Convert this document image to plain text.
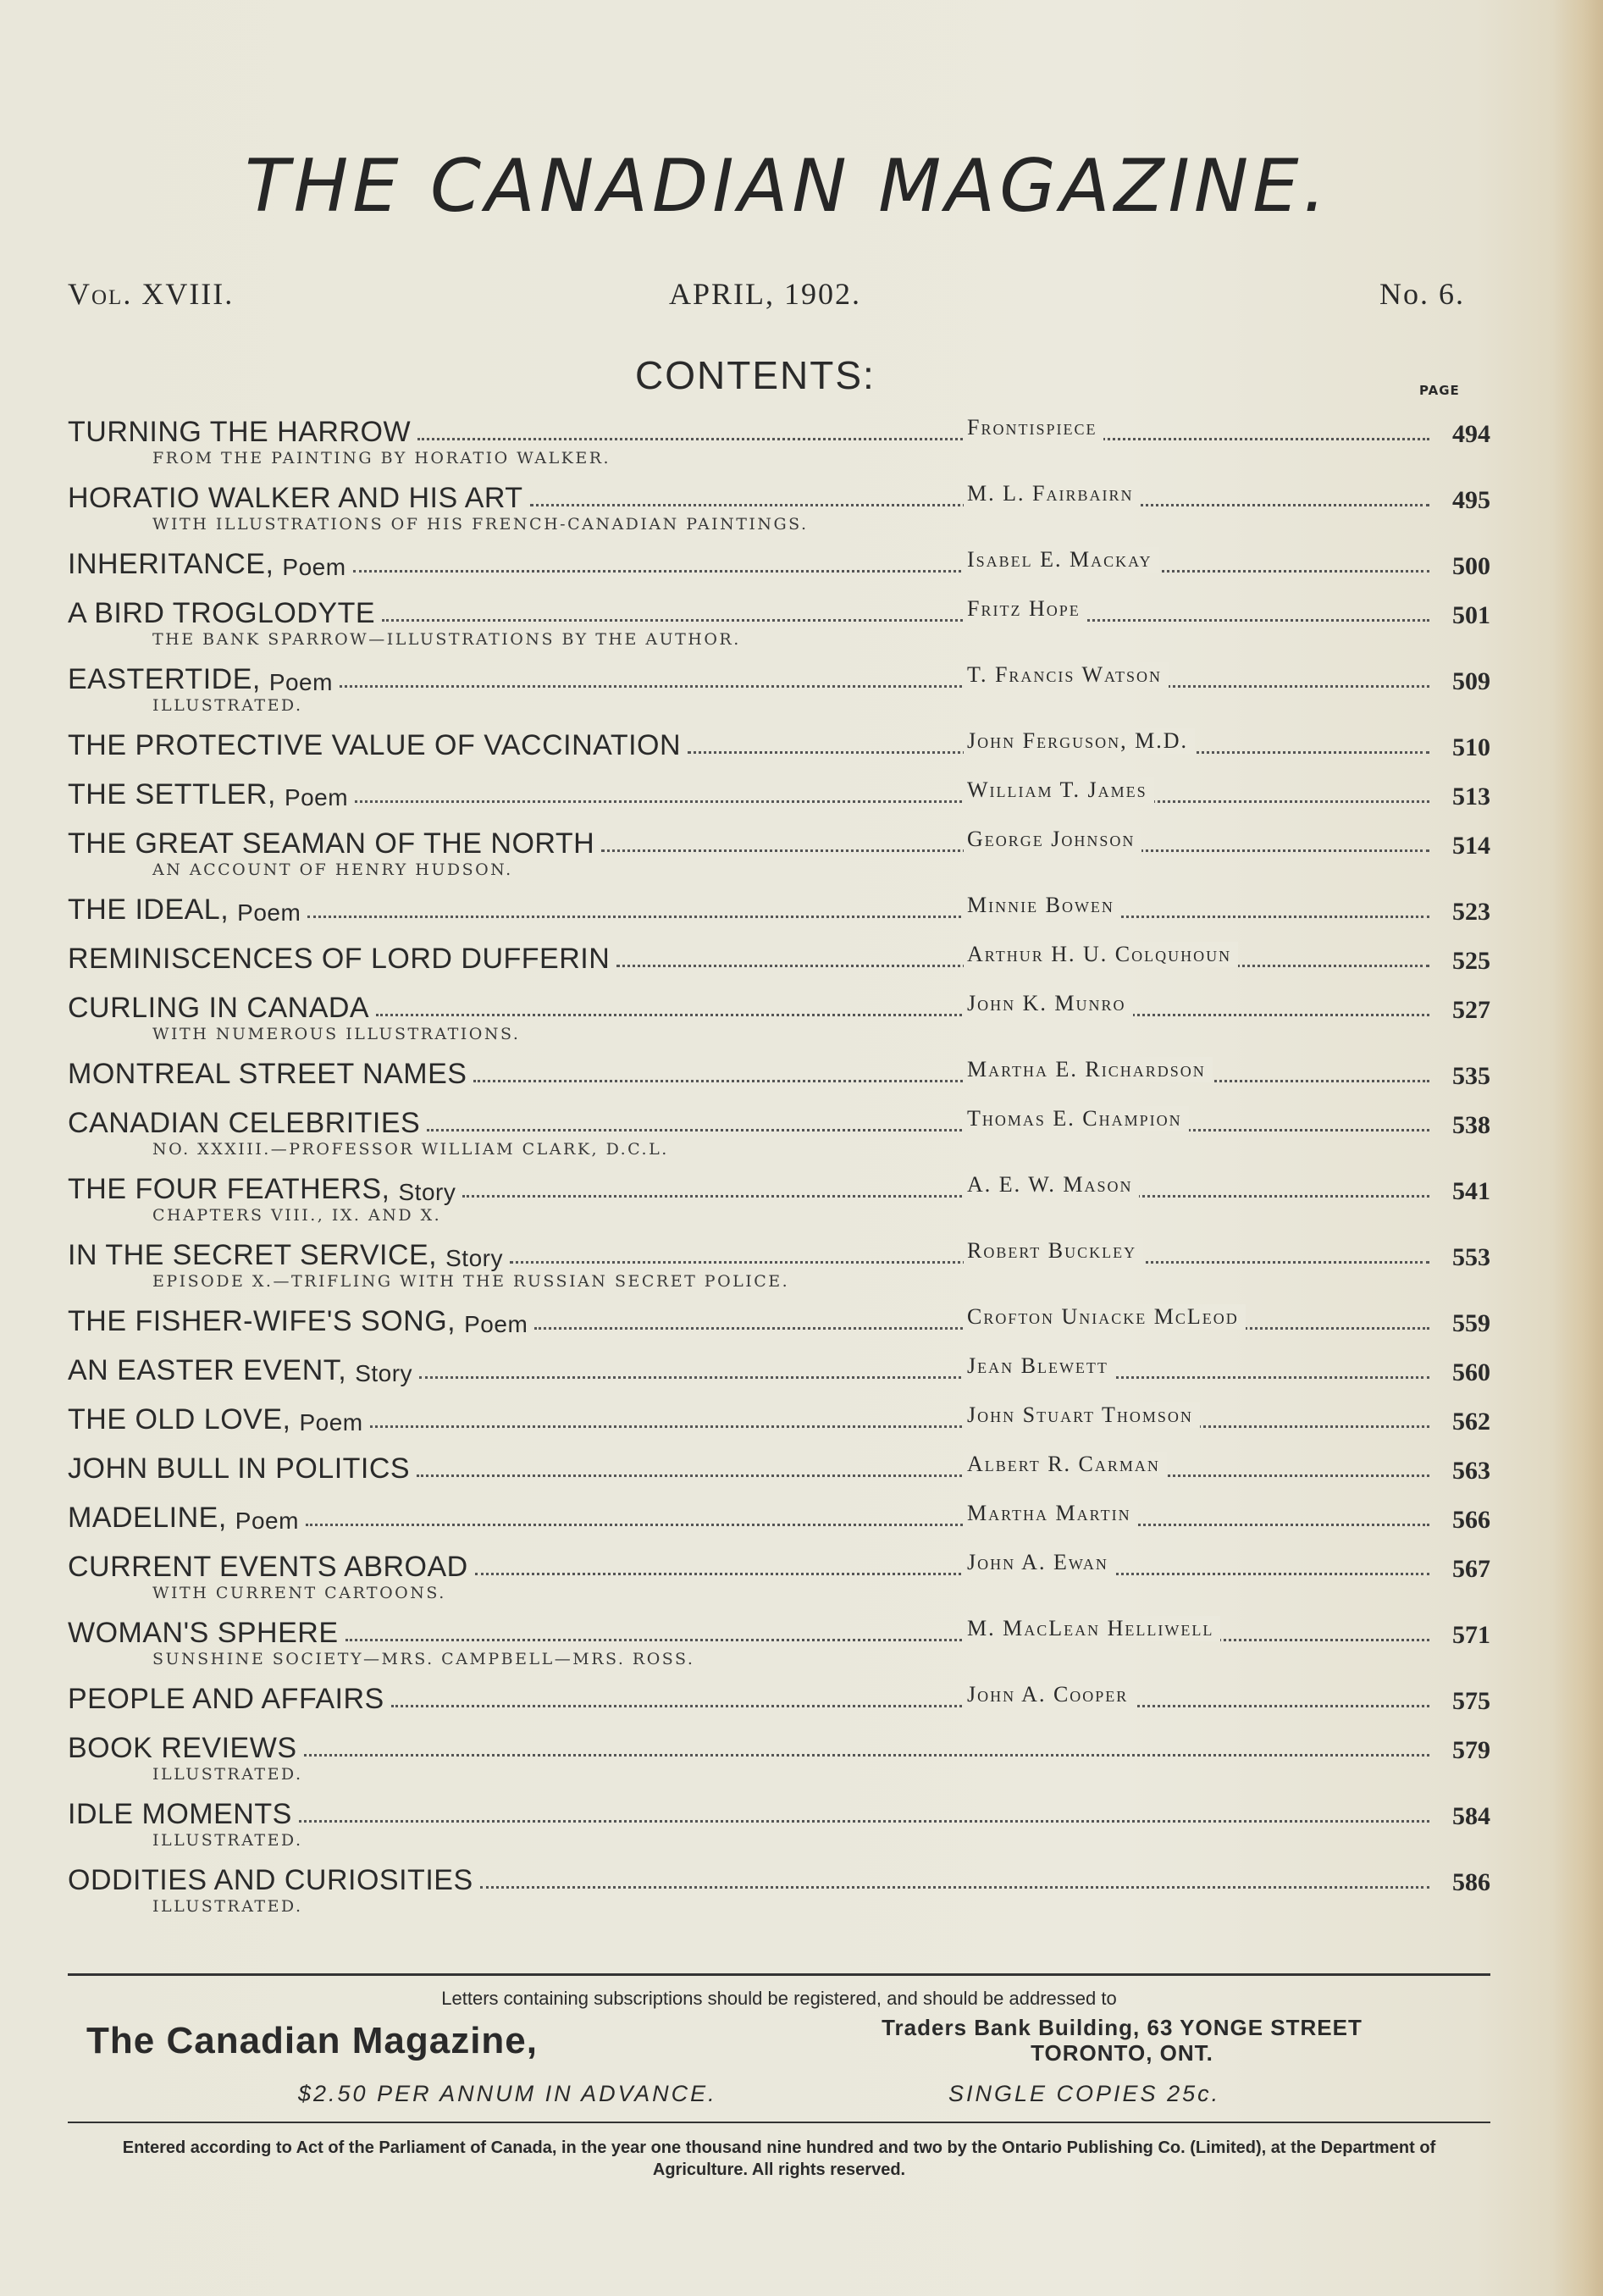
THE CANADIAN MAGAZINE.
Vol. XVIII.	APRIL, 1902.	No. 6.
CONTENTS:	PAGE
TURNING THE HARROW	Frontispiece	494
FROM THE PAINTING BY HORATIO WALKER.
HORATIO WALKER AND HIS ART	M. L. Fairbairn	495
WITH ILLUSTRATIONS OF HIS FRENCH-CANADIAN PAINTINGS.
INHERITANCE, Poem	Isabel E. Mackay	500
A BIRD TROGLODYTE	Fritz Hope	501
THE BANK SPARROW—ILLUSTRATIONS BY THE AUTHOR.
EASTERTIDE, Poem	T. Francis Watson	509
ILLUSTRATED.
THE PROTECTIVE VALUE OF VACCINATION	John Ferguson, M.D.	510
THE SETTLER, Poem	William T. James	513
THE GREAT SEAMAN OF THE NORTH	George Johnson	514
AN ACCOUNT OF HENRY HUDSON.
THE IDEAL, Poem	Minnie Bowen	523
REMINISCENCES OF LORD DUFFERIN	Arthur H. U. Colquhoun	525
CURLING IN CANADA	John K. Munro	527
WITH NUMEROUS ILLUSTRATIONS.
MONTREAL STREET NAMES	Martha E. Richardson	535
CANADIAN CELEBRITIES	Thomas E. Champion	538
NO. XXXIII.—PROFESSOR WILLIAM CLARK, D.C.L.
THE FOUR FEATHERS, Story	A. E. W. Mason	541
CHAPTERS VIII., IX. AND X.
IN THE SECRET SERVICE, Story	Robert Buckley	553
EPISODE X.—TRIFLING WITH THE RUSSIAN SECRET POLICE.
THE FISHER-WIFE'S SONG, Poem	Crofton Uniacke McLeod	559
AN EASTER EVENT, Story	Jean Blewett	560
THE OLD LOVE, Poem	John Stuart Thomson	562
JOHN BULL IN POLITICS	Albert R. Carman	563
MADELINE, Poem	Martha Martin	566
CURRENT EVENTS ABROAD	John A. Ewan	567
WITH CURRENT CARTOONS.
WOMAN'S SPHERE	M. MacLean Helliwell	571
SUNSHINE SOCIETY—MRS. CAMPBELL—MRS. ROSS.
PEOPLE AND AFFAIRS	John A. Cooper	575
BOOK REVIEWS	579
ILLUSTRATED.
IDLE MOMENTS	584
ILLUSTRATED.
ODDITIES AND CURIOSITIES	586
ILLUSTRATED.
Letters containing subscriptions should be registered, and should be addressed to
The Canadian Magazine,	Traders Bank Building, 63 YONGE STREET
TORONTO, ONT.
$2.50 PER ANNUM IN ADVANCE.	SINGLE COPIES 25c.
Entered according to Act of the Parliament of Canada, in the year one thousand nine hundred and two by the Ontario Publishing Co. (Limited), at the Department of Agriculture. All rights reserved.
